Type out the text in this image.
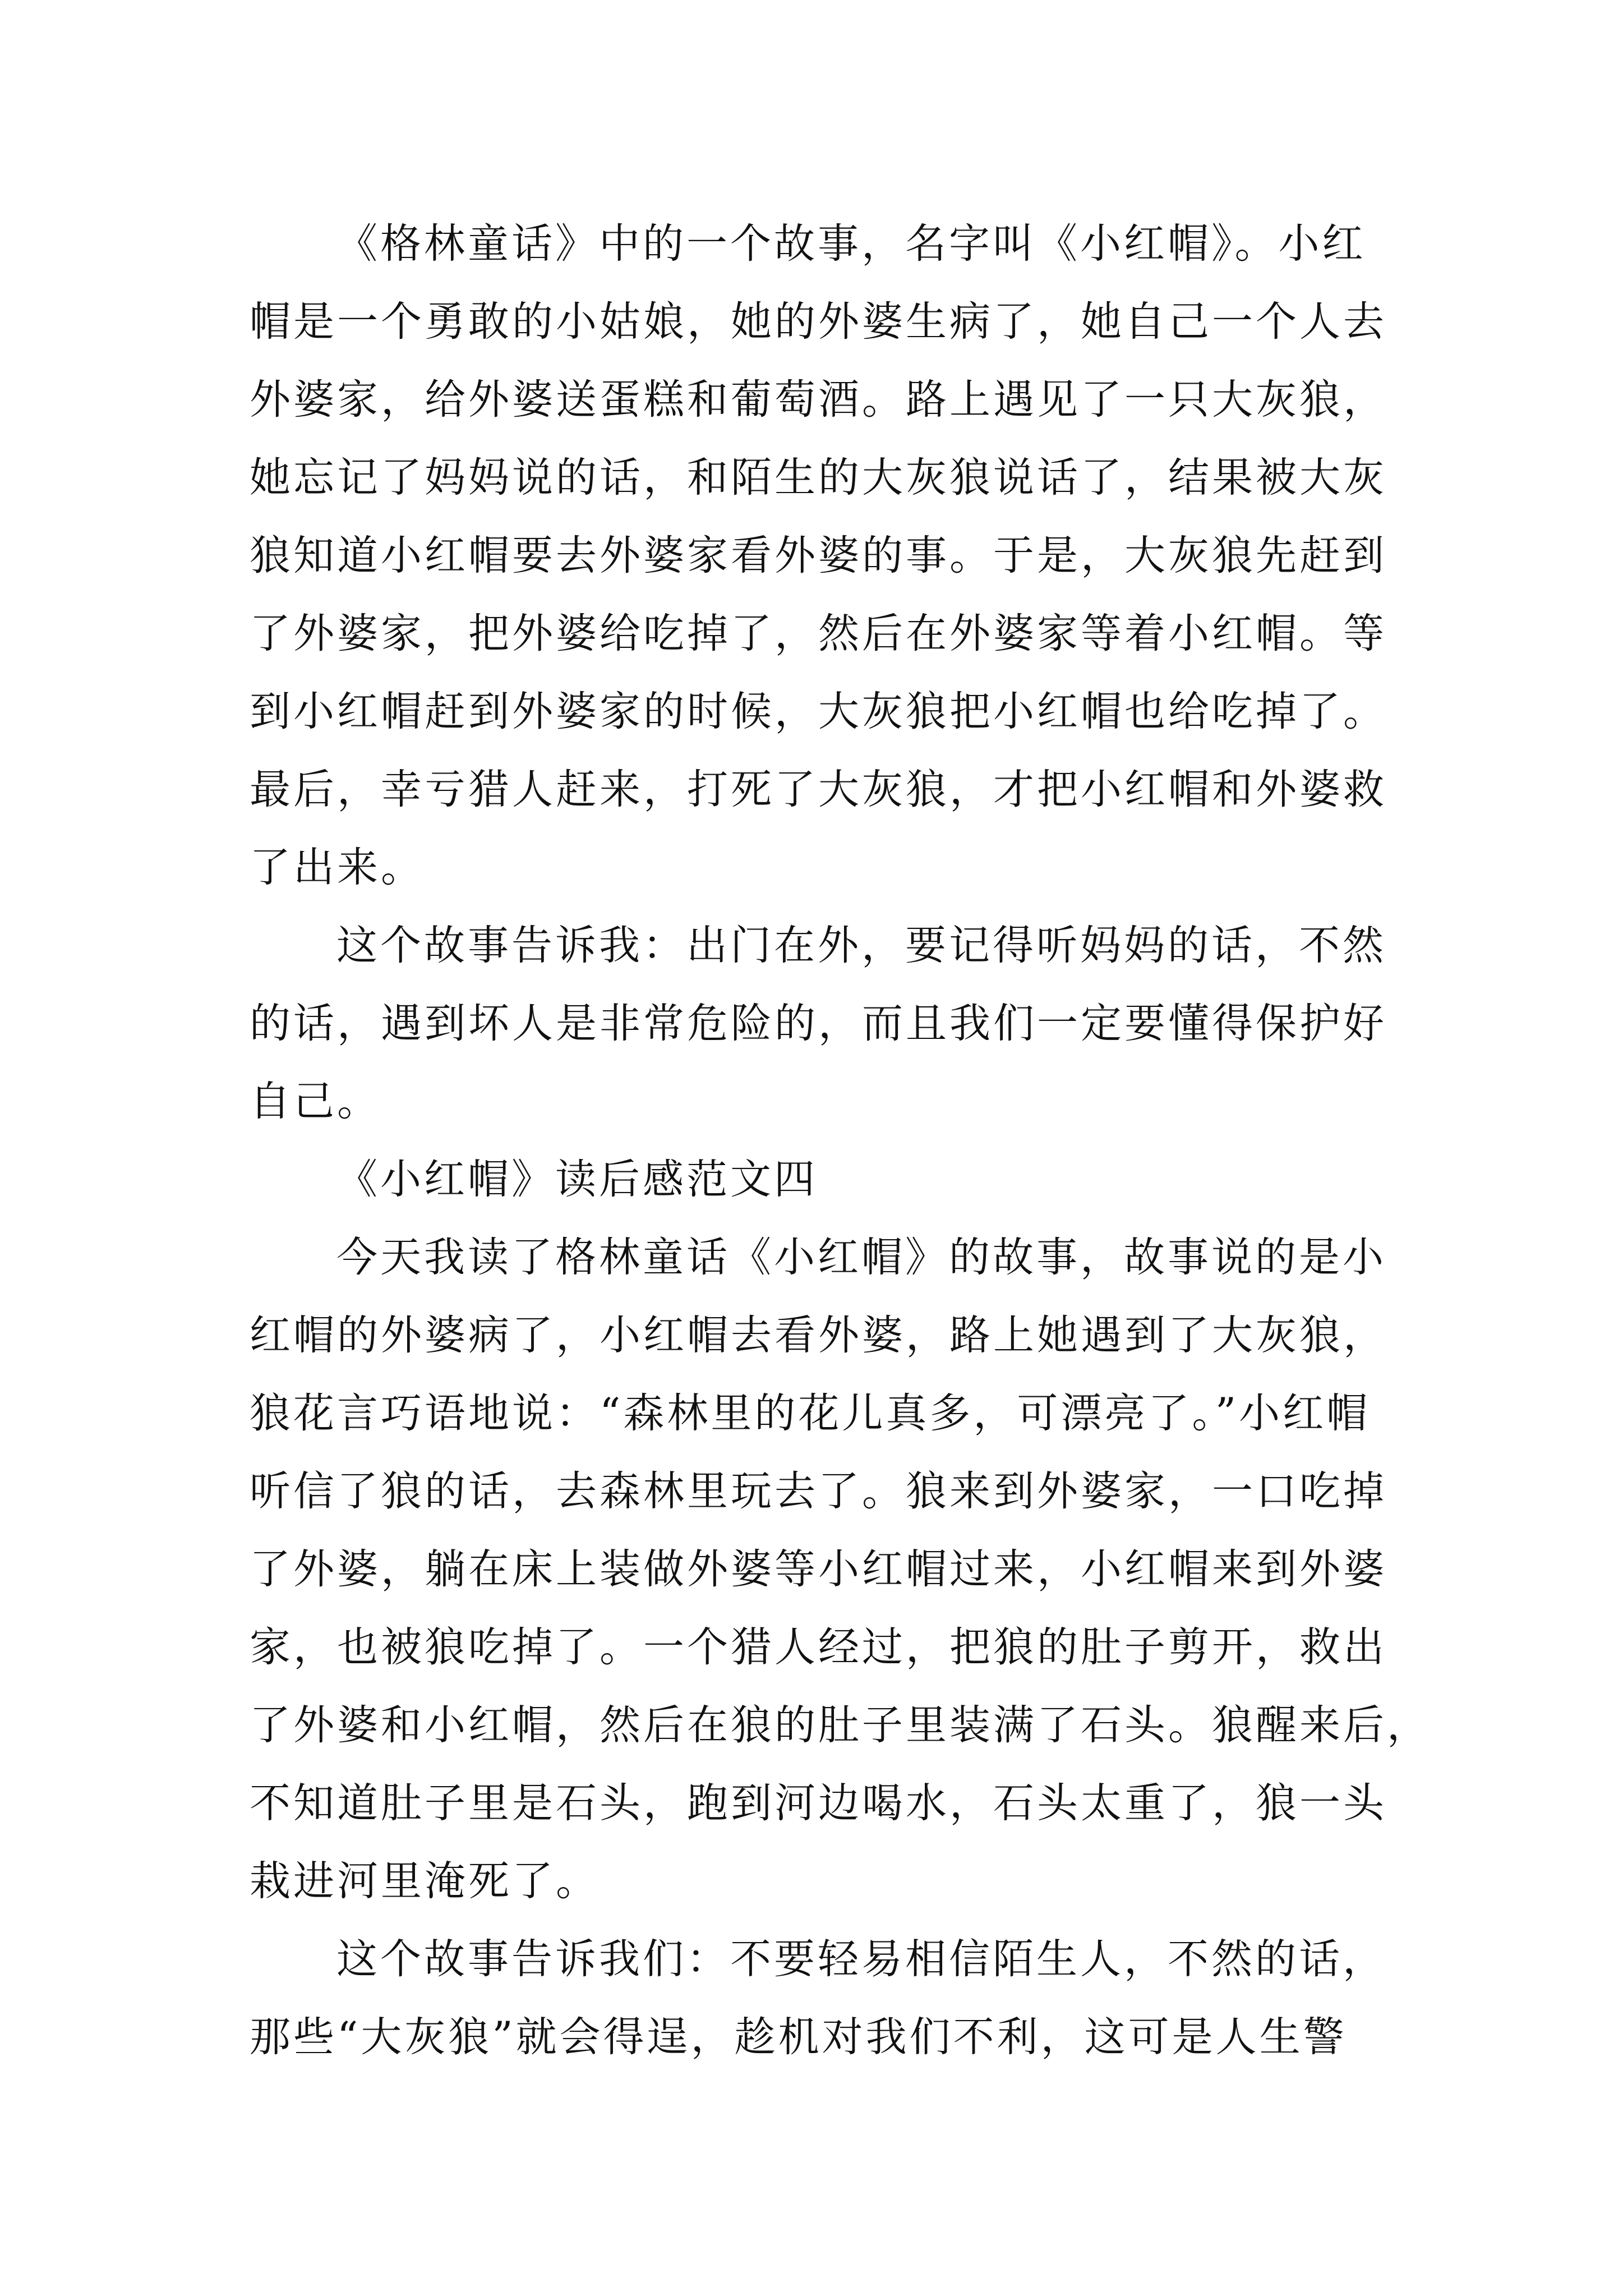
《格林童话》中的一个故事，名字叫《小红帽》。小红

帽是一个勇敢的小姑娘，她的外婆生病了，她自己一个人去

外婆家，给外婆送蛋糕和葡萄酒。路上遇见了一只大灰狼，

她忘记了妈妈说的话，和陌生的大灰狼说话了，结果被大灰

狼知道小红帽要去外婆家看外婆的事。于是，大灰狼先赶到

了外婆家，把外婆给吃掉了，然后在外婆家等着小红帽。等

到小红帽赶到外婆家的时候，大灰狼把小红帽也给吃掉了。

最后，幸亏猎人赶来，打死了大灰狼，才把小红帽和外婆救

了出来。

这个故事告诉我：出门在外，要记得听妈妈的话，不然

的话，遇到坏人是非常危险的，而且我们一定要懂得保护好

自己。

《小红帽》读后感范文四

今天我读了格林童话《小红帽》的故事，故事说的是小

红帽的外婆病了，小红帽去看外婆，路上她遇到了大灰狼，

狼花言巧语地说：“森林里的花儿真多，可漂亮了。”小红帽

听信了狼的话，去森林里玩去了。狼来到外婆家，一口吃掉

了外婆，躺在床上装做外婆等小红帽过来，小红帽来到外婆

家，也被狼吃掉了。一个猎人经过，把狼的肚子剪开，救出

了外婆和小红帽，然后在狼的肚子里装满了石头。狼醒来后，

不知道肚子里是石头，跑到河边喝水，石头太重了，狼一头

栽进河里淹死了。

这个故事告诉我们：不要轻易相信陌生人，不然的话，

那些“大灰狼”就会得逞，趁机对我们不利，这可是人生警
